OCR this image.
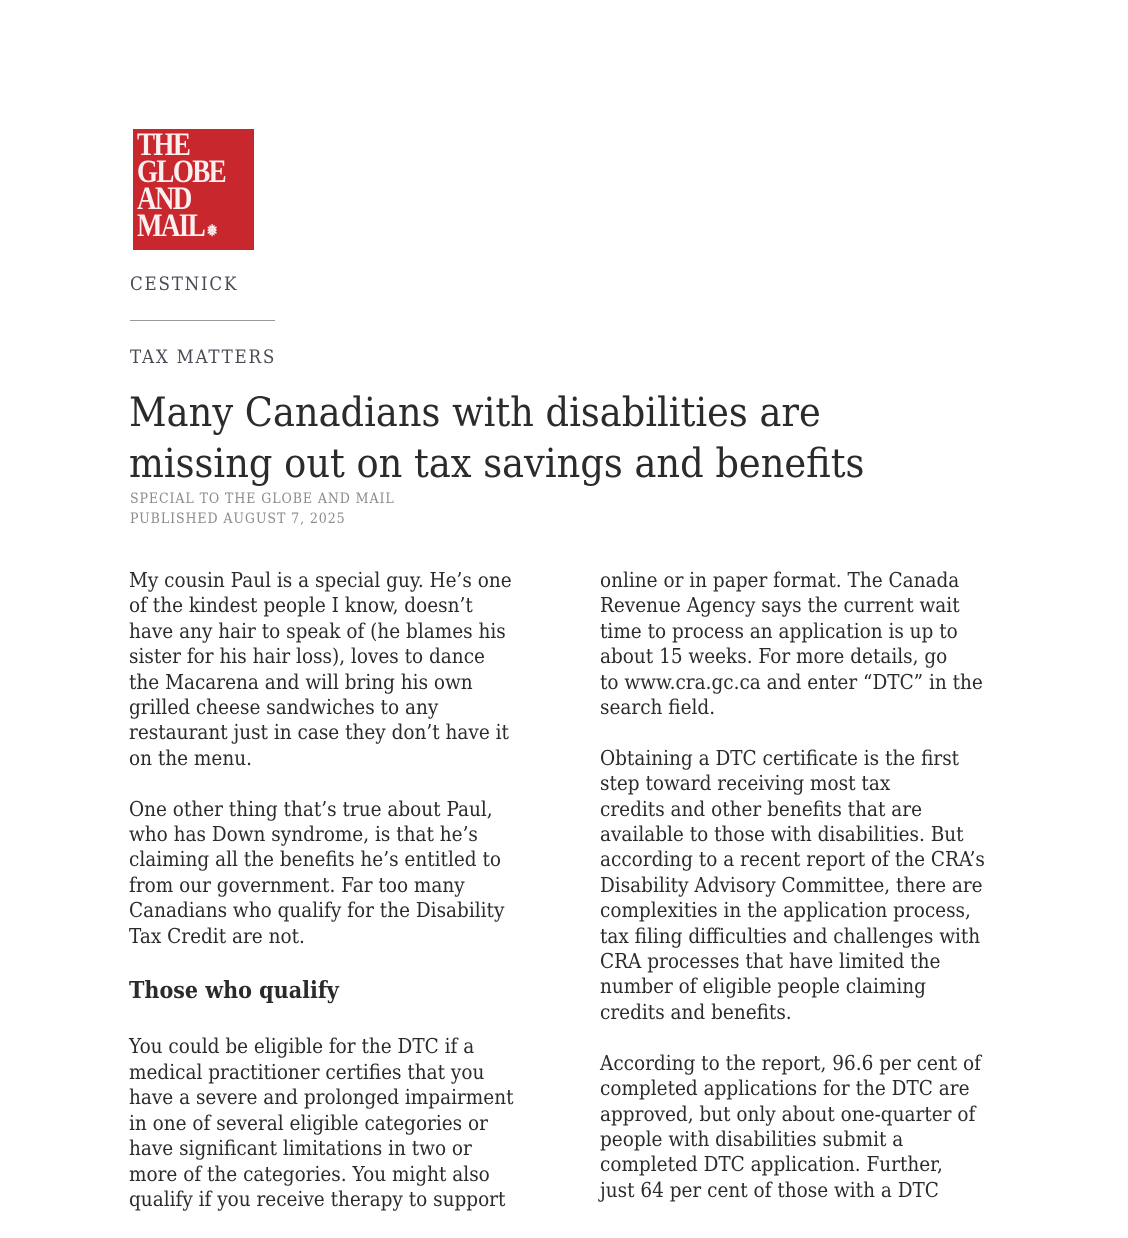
THE
GLOBE
AND
MAIL ❅
CESTNICK
TAX MATTERS
Many Canadians with disabilities are
missing out on tax savings and benefits
SPECIAL TO THE GLOBE AND MAIL
PUBLISHED AUGUST 7, 2025

My cousin Paul is a special guy. He’s one
of the kindest people I know, doesn’t
have any hair to speak of (he blames his
sister for his hair loss), loves to dance
the Macarena and will bring his own
grilled cheese sandwiches to any
restaurant just in case they don’t have it
on the menu.

One other thing that’s true about Paul,
who has Down syndrome, is that he’s
claiming all the benefits he’s entitled to
from our government. Far too many
Canadians who qualify for the Disability
Tax Credit are not.

Those who qualify

You could be eligible for the DTC if a
medical practitioner certifies that you
have a severe and prolonged impairment
in one of several eligible categories or
have significant limitations in two or
more of the categories. You might also
qualify if you receive therapy to support

online or in paper format. The Canada
Revenue Agency says the current wait
time to process an application is up to
about 15 weeks. For more details, go
to www.cra.gc.ca and enter “DTC” in the
search field.

Obtaining a DTC certificate is the first
step toward receiving most tax
credits and other benefits that are
available to those with disabilities. But
according to a recent report of the CRA’s
Disability Advisory Committee, there are
complexities in the application process,
tax filing difficulties and challenges with
CRA processes that have limited the
number of eligible people claiming
credits and benefits.

According to the report, 96.6 per cent of
completed applications for the DTC are
approved, but only about one-quarter of
people with disabilities submit a
completed DTC application. Further,
just 64 per cent of those with a DTC
